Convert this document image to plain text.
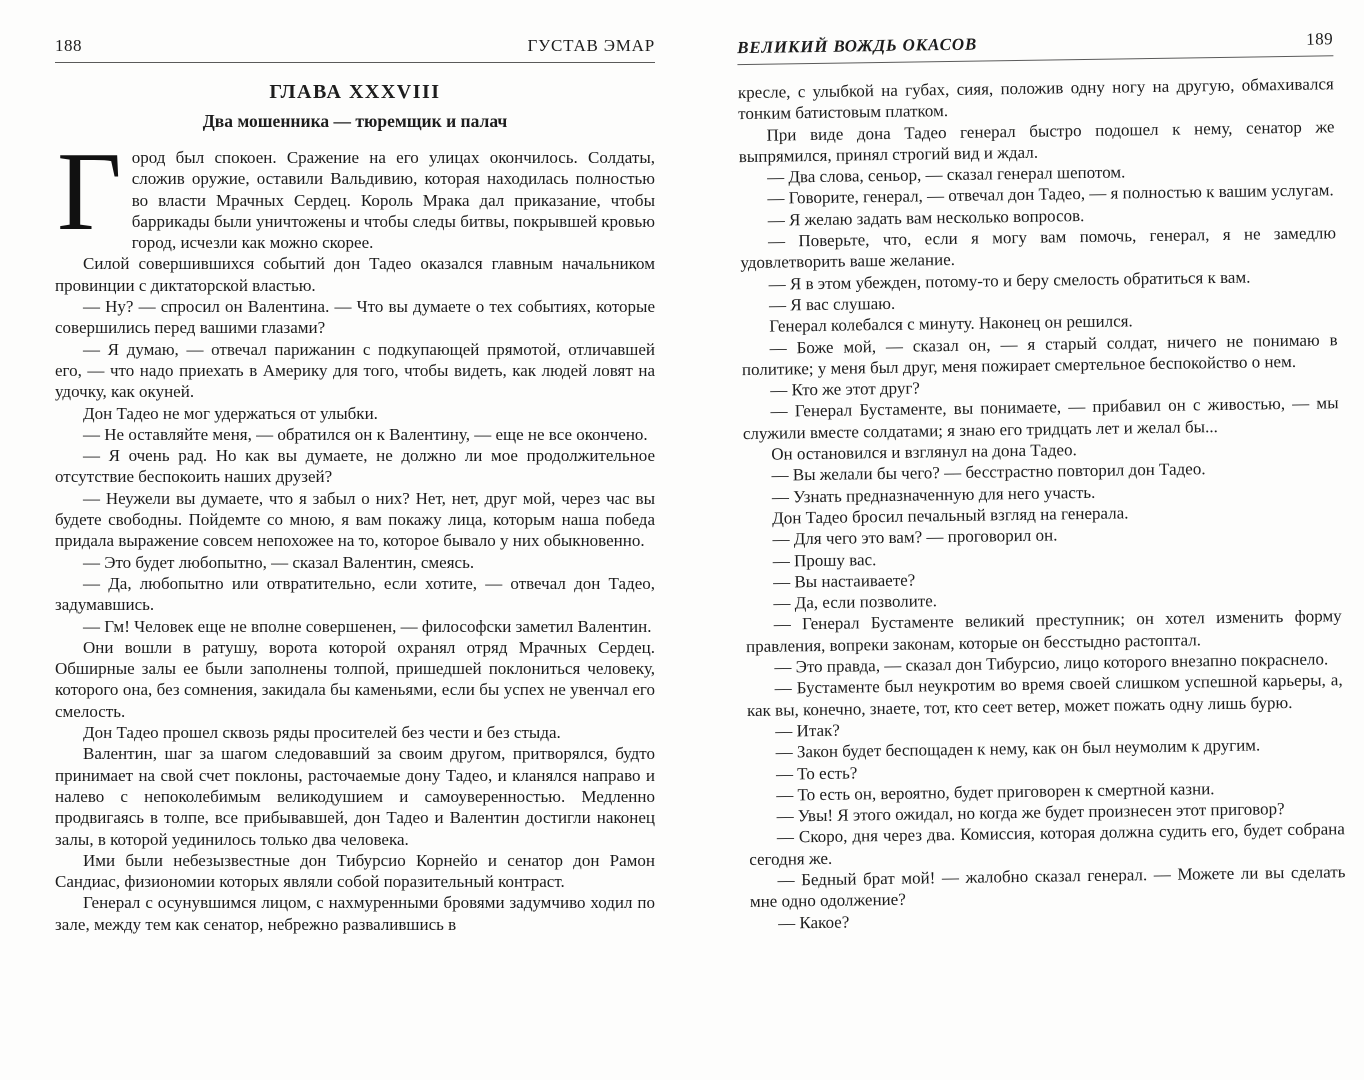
188	ГУСТАВ ЭМАР
ГЛАВА XXXVIII
Два мошенника — тюремщик и палач

Город был спокоен. Сражение на его улицах окончилось. Солдаты, сложив оружие, оставили Вальдивию, которая находилась полностью во власти Мрачных Сердец. Король Мрака дал приказание, чтобы баррикады были уничтожены и чтобы следы битвы, покрывшей кровью город, исчезли как можно скорее.

Силой совершившихся событий дон Тадео оказался главным начальником провинции с диктаторской властью.

— Ну? — спросил он Валентина. — Что вы думаете о тех событиях, которые совершились перед вашими глазами?

— Я думаю, — отвечал парижанин с подкупающей прямотой, отличавшей его, — что надо приехать в Америку для того, чтобы видеть, как людей ловят на удочку, как окуней.

Дон Тадео не мог удержаться от улыбки.

— Не оставляйте меня, — обратился он к Валентину, — еще не все окончено.

— Я очень рад. Но как вы думаете, не должно ли мое продолжительное отсутствие беспокоить наших друзей?

— Неужели вы думаете, что я забыл о них? Нет, нет, друг мой, через час вы будете свободны. Пойдемте со мною, я вам покажу лица, которым наша победа придала выражение совсем непохожее на то, которое бывало у них обыкновенно.

— Это будет любопытно, — сказал Валентин, смеясь.

— Да, любопытно или отвратительно, если хотите, — отвечал дон Тадео, задумавшись.

— Гм! Человек еще не вполне совершенен, — философски заметил Валентин.

Они вошли в ратушу, ворота которой охранял отряд Мрачных Сердец. Обширные залы ее были заполнены толпой, пришедшей поклониться человеку, которого она, без сомнения, закидала бы каменьями, если бы успех не увенчал его смелость.

Дон Тадео прошел сквозь ряды просителей без чести и без стыда.

Валентин, шаг за шагом следовавший за своим другом, притворялся, будто принимает на свой счет поклоны, расточаемые дону Тадео, и кланялся направо и налево с непоколебимым великодушием и самоуверенностью. Медленно продвигаясь в толпе, все прибывавшей, дон Тадео и Валентин достигли наконец залы, в которой уединилось только два человека.

Ими были небезызвестные дон Тибурсио Корнейо и сенатор дон Рамон Сандиас, физиономии которых являли собой поразительный контраст.

Генерал с осунувшимся лицом, с нахмуренными бровями задумчиво ходил по зале, между тем как сенатор, небрежно развалившись в

ВЕЛИКИЙ ВОЖДЬ ОКАСОВ	189

кресле, с улыбкой на губах, сияя, положив одну ногу на другую, обмахивался тонким батистовым платком.

При виде дона Тадео генерал быстро подошел к нему, сенатор же выпрямился, принял строгий вид и ждал.

— Два слова, сеньор, — сказал генерал шепотом.

— Говорите, генерал, — отвечал дон Тадео, — я полностью к вашим услугам.

— Я желаю задать вам несколько вопросов.

— Поверьте, что, если я могу вам помочь, генерал, я не замедлю удовлетворить ваше желание.

— Я в этом убежден, потому-то и беру смелость обратиться к вам.

— Я вас слушаю.

Генерал колебался с минуту. Наконец он решился.

— Боже мой, — сказал он, — я старый солдат, ничего не понимаю в политике; у меня был друг, меня пожирает смертельное беспокойство о нем.

— Кто же этот друг?

— Генерал Бустаменте, вы понимаете, — прибавил он с живостью, — мы служили вместе солдатами; я знаю его тридцать лет и желал бы...

Он остановился и взглянул на дона Тадео.

— Вы желали бы чего? — бесстрастно повторил дон Тадео.

— Узнать предназначенную для него участь.

Дон Тадео бросил печальный взгляд на генерала.

— Для чего это вам? — проговорил он.

— Прошу вас.

— Вы настаиваете?

— Да, если позволите.

— Генерал Бустаменте великий преступник; он хотел изменить форму правления, вопреки законам, которые он бесстыдно растоптал.

— Это правда, — сказал дон Тибурсио, лицо которого внезапно покраснело.

— Бустаменте был неукротим во время своей слишком успешной карьеры, а, как вы, конечно, знаете, тот, кто сеет ветер, может пожать одну лишь бурю.

— Итак?

— Закон будет беспощаден к нему, как он был неумолим к другим.

— То есть?

— То есть он, вероятно, будет приговорен к смертной казни.

— Увы! Я этого ожидал, но когда же будет произнесен этот приговор?

— Скоро, дня через два. Комиссия, которая должна судить его, будет собрана сегодня же.

— Бедный брат мой! — жалобно сказал генерал. — Можете ли вы сделать мне одно одолжение?

— Какое?
